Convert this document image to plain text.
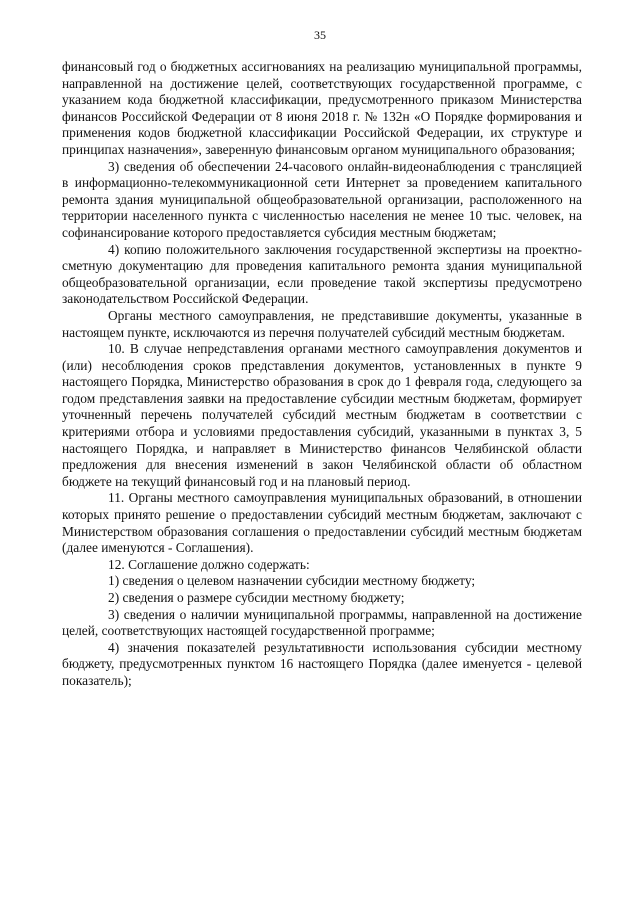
35

финансовый год о бюджетных ассигнованиях на реализацию муниципальной программы, направленной на достижение целей, соответствующих государственной программе, с указанием кода бюджетной классификации, предусмотренного приказом Министерства финансов Российской Федерации от 8 июня 2018 г. № 132н «О Порядке формирования и применения кодов бюджетной классификации Российской Федерации, их структуре и принципах назначения», заверенную финансовым органом муниципального образования;

3) сведения об обеспечении 24-часового онлайн-видеонаблюдения с трансляцией в информационно-телекоммуникационной сети Интернет за проведением капитального ремонта здания муниципальной общеобразовательной организации, расположенного на территории населенного пункта с численностью населения не менее 10 тыс. человек, на софинансирование которого предоставляется субсидия местным бюджетам;

4) копию положительного заключения государственной экспертизы на проектно-сметную документацию для проведения капитального ремонта здания муниципальной общеобразовательной организации, если проведение такой экспертизы предусмотрено законодательством Российской Федерации.

Органы местного самоуправления, не представившие документы, указанные в настоящем пункте, исключаются из перечня получателей субсидий местным бюджетам.

10. В случае непредставления органами местного самоуправления документов и (или) несоблюдения сроков представления документов, установленных в пункте 9 настоящего Порядка, Министерство образования в срок до 1 февраля года, следующего за годом представления заявки на предоставление субсидии местным бюджетам, формирует уточненный перечень получателей субсидий местным бюджетам в соответствии с критериями отбора и условиями предоставления субсидий, указанными в пунктах 3, 5 настоящего Порядка, и направляет в Министерство финансов Челябинской области предложения для внесения изменений в закон Челябинской области об областном бюджете на текущий финансовый год и на плановый период.

11. Органы местного самоуправления муниципальных образований, в отношении которых принято решение о предоставлении субсидий местным бюджетам, заключают с Министерством образования соглашения о предоставлении субсидий местным бюджетам (далее именуются - Соглашения).

12. Соглашение должно содержать:

1) сведения о целевом назначении субсидии местному бюджету;

2) сведения о размере субсидии местному бюджету;

3) сведения о наличии муниципальной программы, направленной на достижение целей, соответствующих настоящей государственной программе;

4) значения показателей результативности использования субсидии местному бюджету, предусмотренных пунктом 16 настоящего Порядка (далее именуется - целевой показатель);
